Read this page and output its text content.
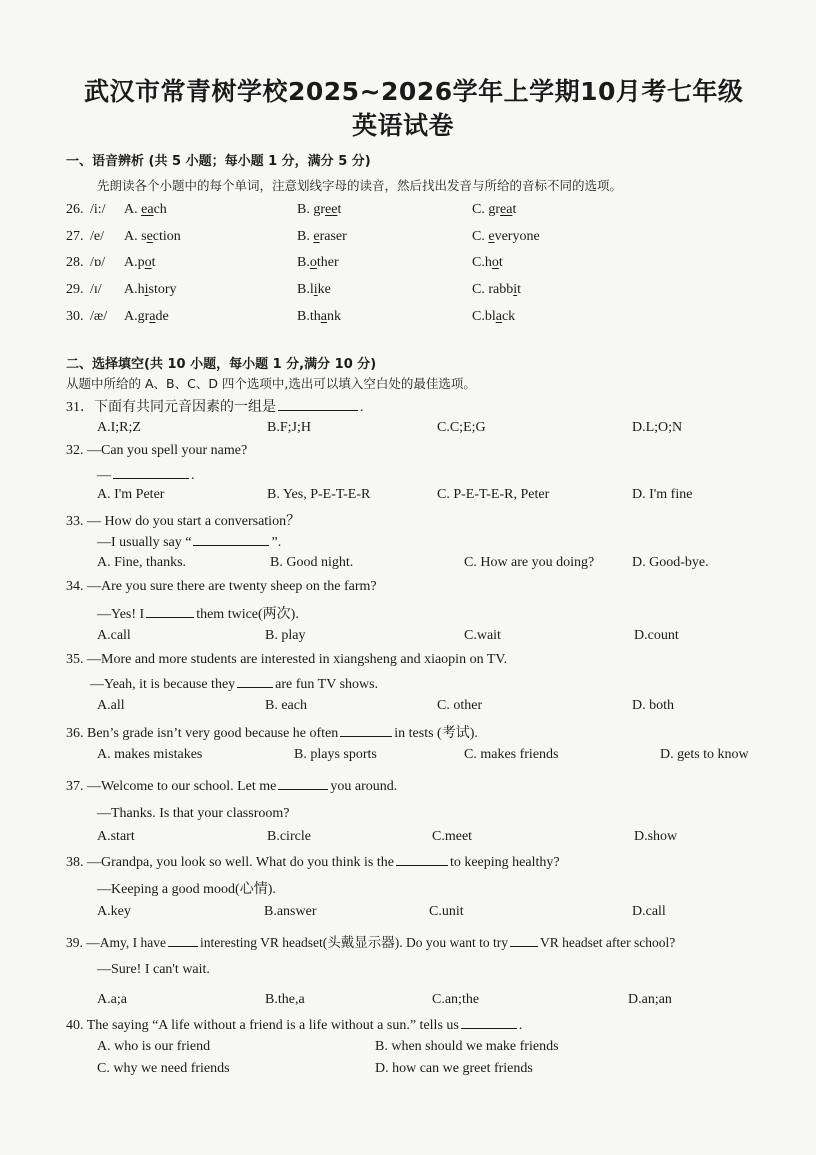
武汉市常青树学校2025~2026学年上学期10月考七年级
英语试卷
一、语音辨析 (共 5 小题；每小题 1 分，满分 5 分)
先朗读各个小题中的每个单词，注意划线字母的读音，然后找出发音与所给的音标不同的选项。
26. /i:/ A. each	B. greet	C. great
27. /e/ A. section	B. eraser	C. everyone
28. /ɒ/ A.pot	B.other	C.hot
29. /ɪ/ A.history	B.like	C. rabbit
30. /æ/ A.grade	B.thank	C.black
二、选择填空(共 10 小题，每小题 1 分,满分 10 分)
从题中所给的 A、B、C、D 四个选项中,选出可以填入空白处的最佳选项。
31．下面有共同元音因素的一组是	.
A.I;R;Z	B.F;J;H	C.C;E;G	D.L;O;N
32. —Can you spell your name?
—	.
A. I'm Peter	B. Yes, P-E-T-E-R	C. P-E-T-E-R, Peter	D. I'm fine
33. — How do you start a conversation？
—I usually say “	”.
A. Fine, thanks.	B. Good night.	C. How are you doing?	D. Good-bye.
34. —Are you sure there are twenty sheep on the farm?
—Yes! I	them twice(两次).
A.call	B. play	C.wait	D.count
35. —More and more students are interested in xiangsheng and xiaopin on TV.
—Yeah, it is because they	are fun TV shows.
A.all	B. each	C. other	D. both
36. Ben’s grade isn’t very good because he often	in tests (考试).
A. makes mistakes	B. plays sports	C. makes friends	D. gets to know
37. —Welcome to our school. Let me	you around.
—Thanks. Is that your classroom?
A.start	B.circle	C.meet	D.show
38. —Grandpa, you look so well. What do you think is the	to keeping healthy?
—Keeping a good mood(心情).
A.key	B.answer	C.unit	D.call
39. —Amy, I have	interesting VR headset(头戴显示器). Do you want to try VR headset after school?
—Sure! I can't wait.
A.a;a	B.the,a	C.an;the	D.an;an
40. The saying “A life without a friend is a life without a sun.” tells us	.
A. who is our friend	B. when should we make friends
C. why we need friends	D. how can we greet friends
